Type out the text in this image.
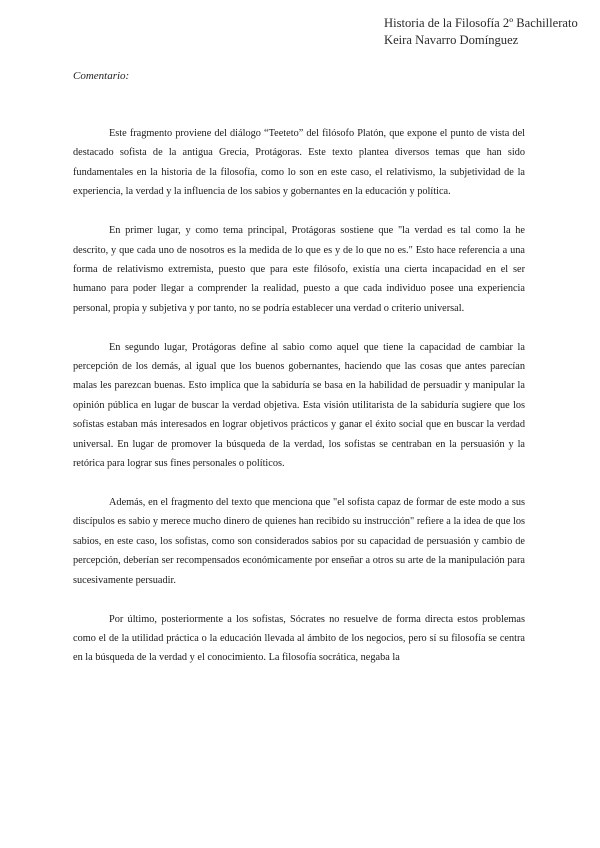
Historia de la Filosofía 2º Bachillerato
Keira Navarro Domínguez
Comentario:

Este fragmento proviene del diálogo “Teeteto” del filósofo Platón, que expone el punto de vista del destacado sofista de la antigua Grecia, Protágoras. Este texto plantea diversos temas que han sido fundamentales en la historia de la filosofía, como lo son en este caso, el relativismo, la subjetividad de la experiencia, la verdad y la influencia de los sabios y gobernantes en la educación y política.

En primer lugar, y como tema principal, Protágoras sostiene que "la verdad es tal como la he descrito, y que cada uno de nosotros es la medida de lo que es y de lo que no es." Esto hace referencia a una forma de relativismo extremista, puesto que para este filósofo, existía una cierta incapacidad en el ser humano para poder llegar a comprender la realidad, puesto a que cada individuo posee una experiencia personal, propia y subjetiva y por tanto, no se podría establecer una verdad o criterio universal.

En segundo lugar, Protágoras define al sabio como aquel que tiene la capacidad de cambiar la percepción de los demás, al igual que los buenos gobernantes, haciendo que las cosas que antes parecían malas les parezcan buenas. Esto implica que la sabiduría se basa en la habilidad de persuadir y manipular la opinión pública en lugar de buscar la verdad objetiva. Esta visión utilitarista de la sabiduría sugiere que los sofistas estaban más interesados en lograr objetivos prácticos y ganar el éxito social que en buscar la verdad universal. En lugar de promover la búsqueda de la verdad, los sofistas se centraban en la persuasión y la retórica para lograr sus fines personales o políticos.

Además, en el fragmento del texto que menciona que "el sofista capaz de formar de este modo a sus discípulos es sabio y merece mucho dinero de quienes han recibido su instrucción" refiere a la idea de que los sabios, en este caso, los sofistas, como son considerados sabios por su capacidad de persuasión y cambio de percepción, deberían ser recompensados económicamente por enseñar a otros su arte de la manipulación para sucesivamente persuadir.

Por último, posteriormente a los sofistas, Sócrates no resuelve de forma directa estos problemas como el de la utilidad práctica o la educación llevada al ámbito de los negocios, pero sí su filosofía se centra en la búsqueda de la verdad y el conocimiento. La filosofía socrática, negaba la
